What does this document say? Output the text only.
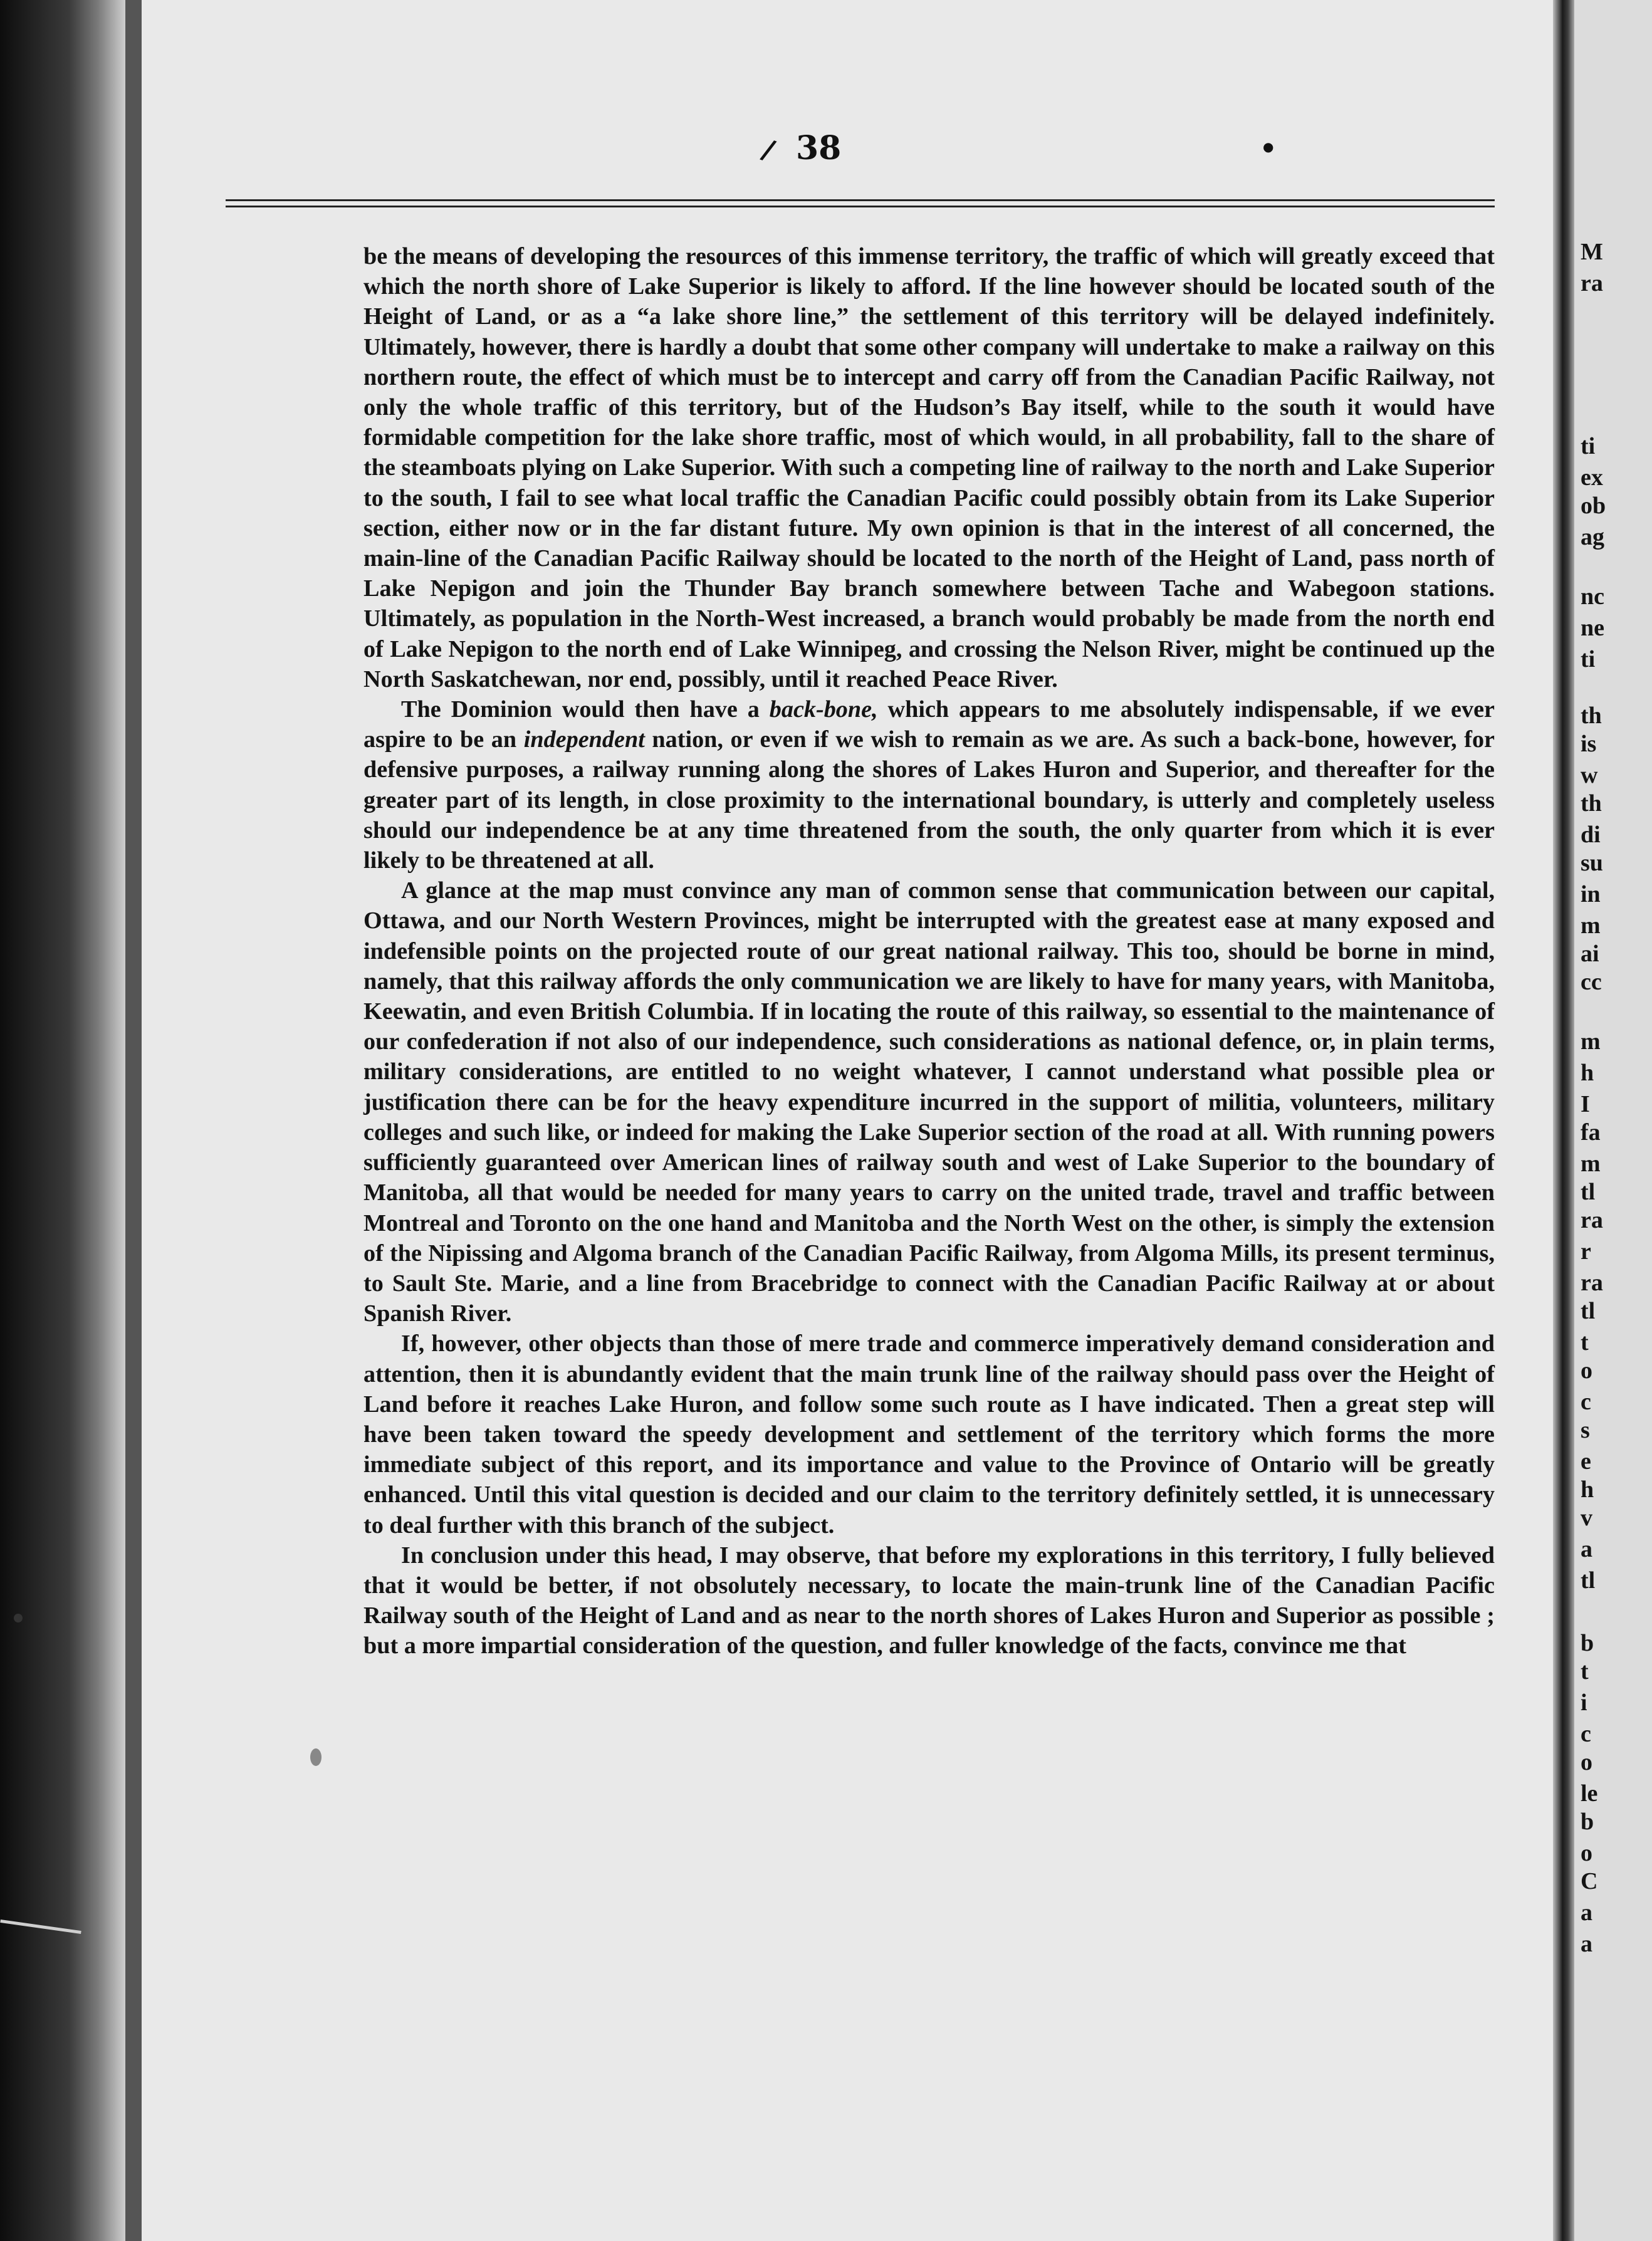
/	●
38

be the means of developing the resources of this immense territory, the traffic of which will greatly exceed that which the north shore of Lake Superior is likely to afford. If the line however should be located south of the Height of Land, or as a “a lake shore line,” the settlement of this territory will be delayed indefinitely. Ultimately, however, there is hardly a doubt that some other company will undertake to make a railway on this northern route, the effect of which must be to intercept and carry off from the Canadian Pacific Railway, not only the whole traffic of this territory, but of the Hudson’s Bay itself, while to the south it would have formidable competition for the lake shore traffic, most of which would, in all probability, fall to the share of the steamboats plying on Lake Superior. With such a competing line of railway to the north and Lake Superior to the south, I fail to see what local traffic the Canadian Pacific could possibly obtain from its Lake Superior section, either now or in the far distant future. My own opinion is that in the interest of all concerned, the main-line of the Canadian Pacific Railway should be located to the north of the Height of Land, pass north of Lake Nepigon and join the Thunder Bay branch somewhere between Tache and Wabegoon stations. Ultimately, as population in the North-West increased, a branch would probably be made from the north end of Lake Nepigon to the north end of Lake Winnipeg, and crossing the Nelson River, might be continued up the North Saskatchewan, nor end, possibly, until it reached Peace River.

The Dominion would then have a back-bone, which appears to me absolutely indispensable, if we ever aspire to be an independent nation, or even if we wish to remain as we are. As such a back-bone, however, for defensive purposes, a railway running along the shores of Lakes Huron and Superior, and thereafter for the greater part of its length, in close proximity to the international boundary, is utterly and completely useless should our independence be at any time threatened from the south, the only quarter from which it is ever likely to be threatened at all.

A glance at the map must convince any man of common sense that communication between our capital, Ottawa, and our North Western Provinces, might be interrupted with the greatest ease at many exposed and indefensible points on the projected route of our great national railway. This too, should be borne in mind, namely, that this railway affords the only communication we are likely to have for many years, with Manitoba, Keewatin, and even British Columbia. If in locating the route of this railway, so essential to the maintenance of our confederation if not also of our independence, such considerations as national defence, or, in plain terms, military considerations, are entitled to no weight whatever, I cannot understand what possible plea or justification there can be for the heavy expenditure incurred in the support of militia, volunteers, military colleges and such like, or indeed for making the Lake Superior section of the road at all. With running powers sufficiently guaranteed over American lines of railway south and west of Lake Superior to the boundary of Manitoba, all that would be needed for many years to carry on the united trade, travel and traffic between Montreal and Toronto on the one hand and Manitoba and the North West on the other, is simply the extension of the Nipissing and Algoma branch of the Canadian Pacific Railway, from Algoma Mills, its present terminus, to Sault Ste. Marie, and a line from Bracebridge to connect with the Canadian Pacific Railway at or about Spanish River.

If, however, other objects than those of mere trade and commerce imperatively demand consideration and attention, then it is abundantly evident that the main trunk line of the railway should pass over the Height of Land before it reaches Lake Huron, and follow some such route as I have indicated. Then a great step will have been taken toward the speedy development and settlement of the territory which forms the more immediate subject of this report, and its importance and value to the Province of Ontario will be greatly enhanced. Until this vital question is decided and our claim to the territory definitely settled, it is unnecessary to deal further with this branch of the subject.

In conclusion under this head, I may observe, that before my explorations in this territory, I fully believed that it would be better, if not obsolutely necessary, to locate the main-trunk line of the Canadian Pacific Railway south of the Height of Land and as near to the north shores of Lakes Huron and Superior as possible ; but a more impartial consideration of the question, and fuller knowledge of the facts, convince me that

M
ra
ti
ex
ob
ag
nc
ne
ti
th
is
w
th
di
su
in
m
ai
cc
m
h
I
fa
m
tl
ra
r
ra
tl
t
o
c
s
e
h
v
a
tl
b
t
i
c
o
le
b
o
C
a
a
